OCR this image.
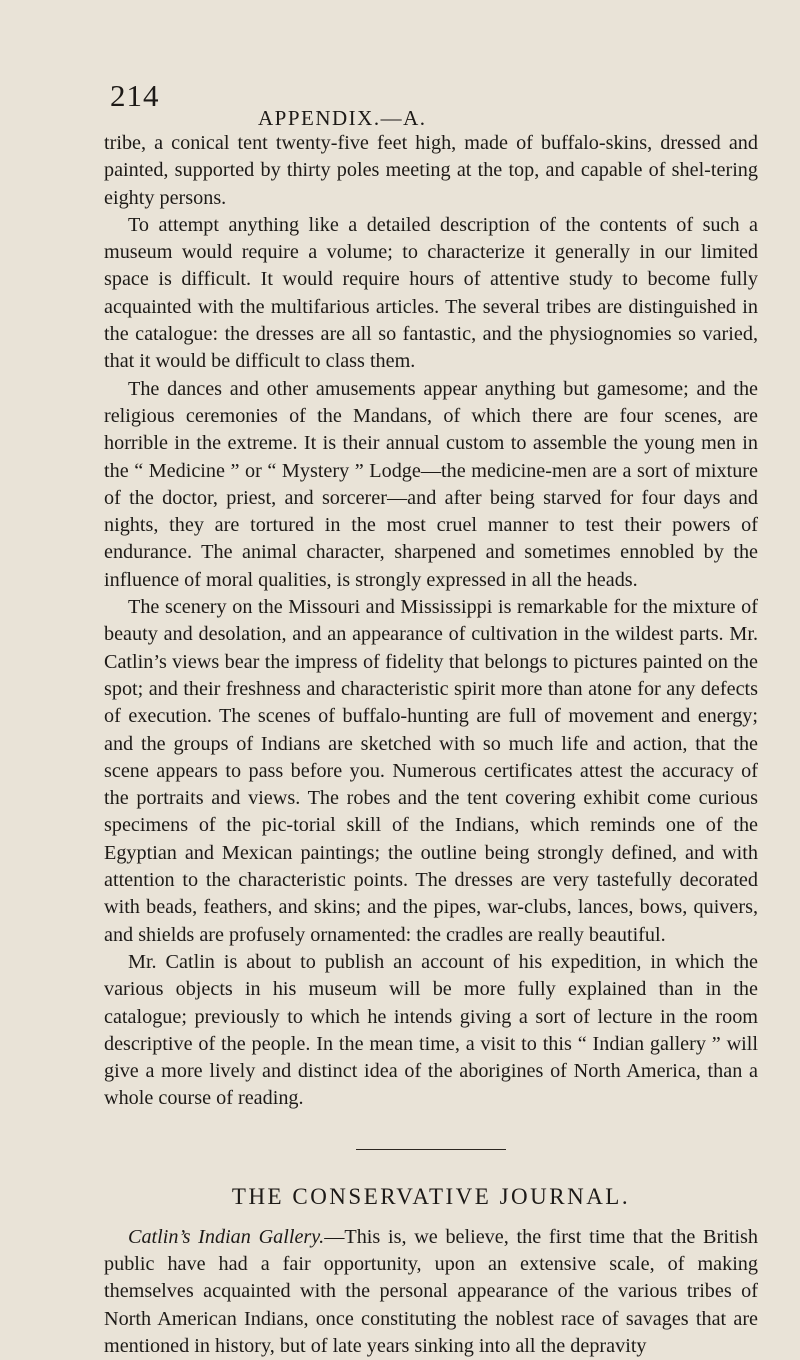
214
APPENDIX.—A.

tribe, a conical tent twenty-five feet high, made of buffalo-skins, dressed and painted, supported by thirty poles meeting at the top, and capable of shel-tering eighty persons.

To attempt anything like a detailed description of the contents of such a museum would require a volume; to characterize it generally in our limited space is difficult. It would require hours of attentive study to become fully acquainted with the multifarious articles. The several tribes are distinguished in the catalogue: the dresses are all so fantastic, and the physiognomies so varied, that it would be difficult to class them.

The dances and other amusements appear anything but gamesome; and the religious ceremonies of the Mandans, of which there are four scenes, are horrible in the extreme. It is their annual custom to assemble the young men in the “ Medicine ” or “ Mystery ” Lodge—the medicine-men are a sort of mixture of the doctor, priest, and sorcerer—and after being starved for four days and nights, they are tortured in the most cruel manner to test their powers of endurance. The animal character, sharpened and sometimes ennobled by the influence of moral qualities, is strongly expressed in all the heads.

The scenery on the Missouri and Mississippi is remarkable for the mixture of beauty and desolation, and an appearance of cultivation in the wildest parts. Mr. Catlin’s views bear the impress of fidelity that belongs to pictures painted on the spot; and their freshness and characteristic spirit more than atone for any defects of execution. The scenes of buffalo-hunting are full of movement and energy; and the groups of Indians are sketched with so much life and action, that the scene appears to pass before you. Numerous certificates attest the accuracy of the portraits and views. The robes and the tent covering exhibit come curious specimens of the pic-torial skill of the Indians, which reminds one of the Egyptian and Mexican paintings; the outline being strongly defined, and with attention to the characteristic points. The dresses are very tastefully decorated with beads, feathers, and skins; and the pipes, war-clubs, lances, bows, quivers, and shields are profusely ornamented: the cradles are really beautiful.

Mr. Catlin is about to publish an account of his expedition, in which the various objects in his museum will be more fully explained than in the catalogue; previously to which he intends giving a sort of lecture in the room descriptive of the people. In the mean time, a visit to this “ Indian gallery ” will give a more lively and distinct idea of the aborigines of North America, than a whole course of reading.

THE CONSERVATIVE JOURNAL.

Catlin’s Indian Gallery.—This is, we believe, the first time that the British public have had a fair opportunity, upon an extensive scale, of making themselves acquainted with the personal appearance of the various tribes of North American Indians, once constituting the noblest race of savages that are mentioned in history, but of late years sinking into all the depravity
